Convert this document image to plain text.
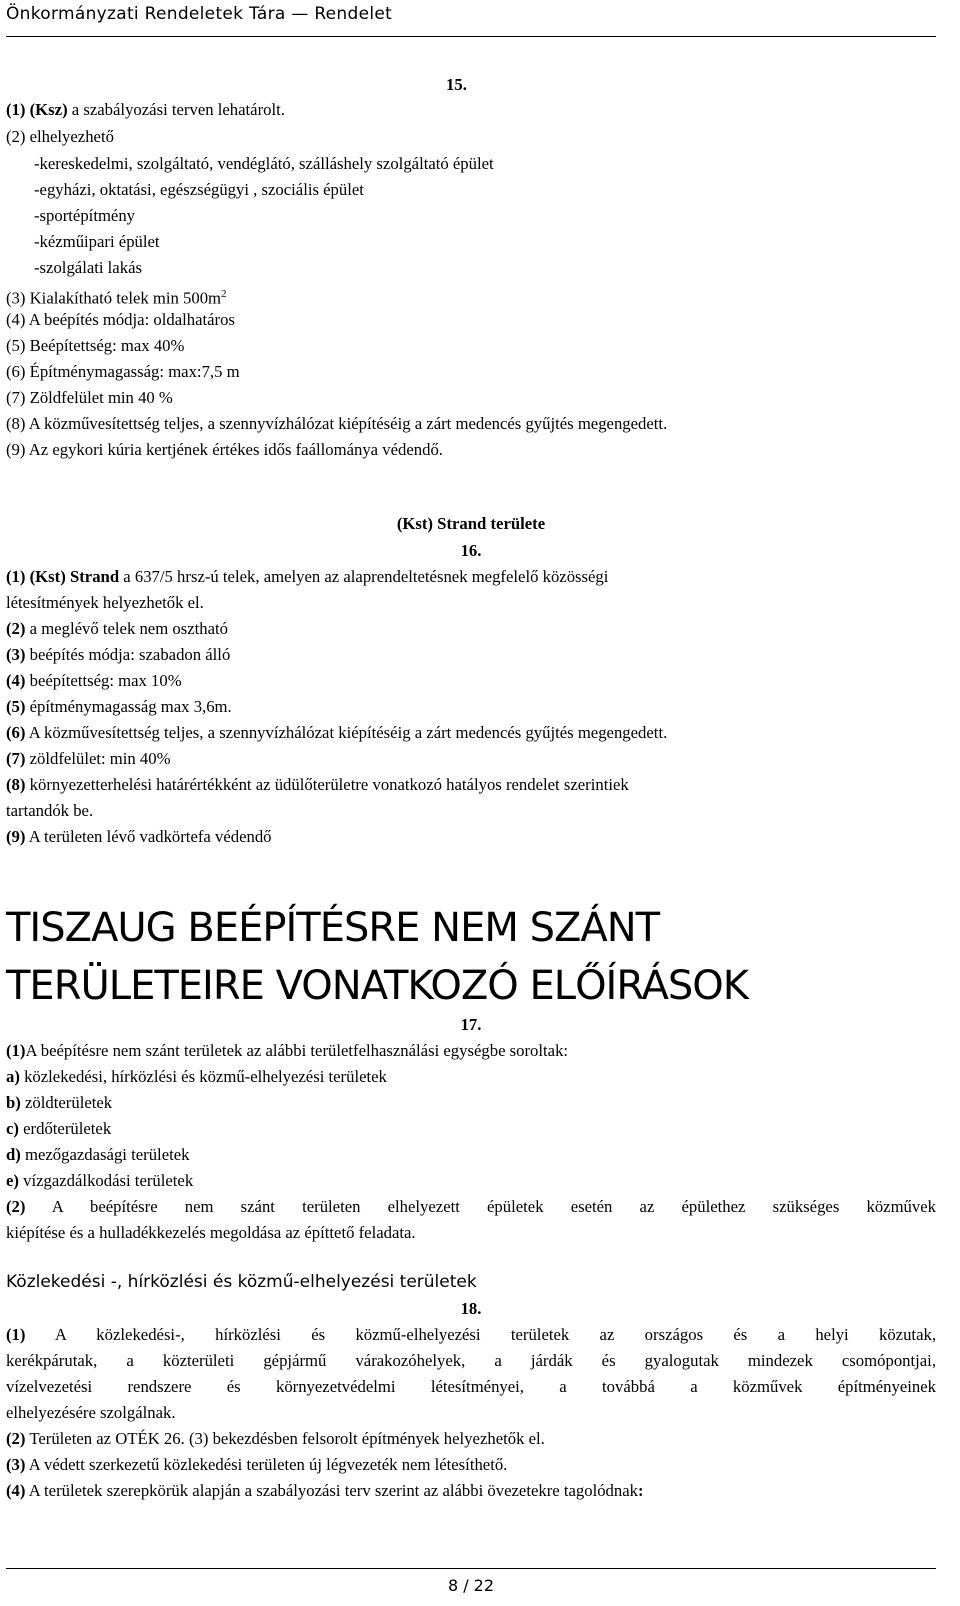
Önkormányzati Rendeletek Tára — Rendelet
15.
(1) (Ksz) a szabályozási terven lehatárolt.
(2) elhelyezhető
-kereskedelmi, szolgáltató, vendéglátó, szálláshely szolgáltató épület
-egyházi, oktatási, egészségügyi , szociális épület
-sportépítmény
-kézműipari épület
-szolgálati lakás
(3) Kialakítható telek $\min 500m^2$
(4) A beépítés módja: oldalhatáros
(5) Beépítettség: max 40%
(6) Építménymagasság: max:7,5 m
(7) Zöldfelület min 40 %
(8) A közművesítettség teljes, a szennyvízhálózat kiépítéséig a zárt medencés gyűjtés megengedett.
(9) Az egykori kúria kertjének értékes idős faállománya védendő.
(Kst) Strand területe
16.
(1) (Kst) Strand a 637/5 hrsz-ú telek, amelyen az alaprendeltetésnek megfelelő közösségi
létesítmények helyezhetők el.
(2) a meglévő telek nem osztható
(3) beépítés módja: szabadon álló
(4) beépítettség: max 10%
(5) építménymagasság max 3,6m.
(6) A közművesítettség teljes, a szennyvízhálózat kiépítéséig a zárt medencés gyűjtés megengedett.
(7) zöldfelület: min 40%
(8) környezetterhelési határértékként az üdülőterületre vonatkozó hatályos rendelet szerintiek
tartandók be.
(9) A területen lévő vadkörtefa védendő
TISZAUG BEÉPÍTÉSRE NEM SZÁNT
TERÜLETEIRE VONATKOZÓ ELŐÍRÁSOK
17.
(1)A beépítésre nem szánt területek az alábbi területfelhasználási egységbe soroltak:
a) közlekedési, hírközlési és közmű-elhelyezési területek
b) zöldterületek
c) erdőterületek
d) mezőgazdasági területek
e) vízgazdálkodási területek
(2) A beépítésre nem szánt területen elhelyezett épületek esetén az épülethez szükséges közművek
kiépítése és a hulladékkezelés megoldása az építtető feladata.
Közlekedési -, hírközlési és közmű-elhelyezési területek
18.
(1) A közlekedési-, hírközlési és közmű-elhelyezési területek az országos és a helyi közutak,
kerékpárutak, a közterületi gépjármű várakozóhelyek, a járdák és gyalogutak mindezek csomópontjai,
vízelvezetési rendszere és környezetvédelmi létesítményei, a továbbá a közművek építményeinek
elhelyezésére szolgálnak.
(2) Területen az OTÉK 26. (3) bekezdésben felsorolt építmények helyezhetők el.
(3) A védett szerkezetű közlekedési területen új légvezeték nem létesíthető.
(4) A területek szerepkörük alapján a szabályozási terv szerint az alábbi övezetekre tagolódnak:
8 / 22
